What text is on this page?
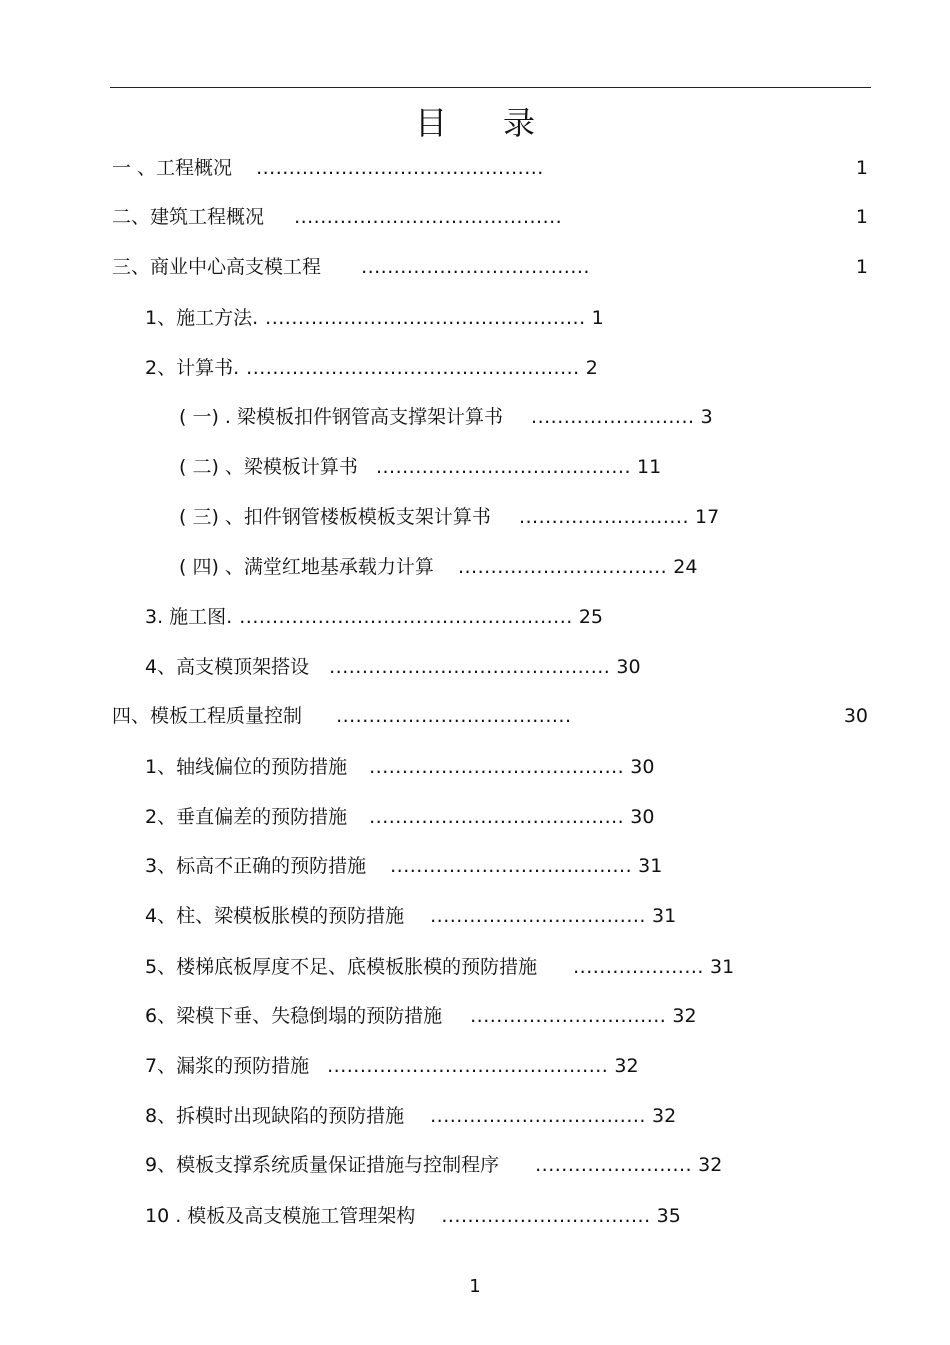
目 录
一 、工程概况 ............................................	1
二、建筑工程概况 .........................................	1
三、商业中心高支模工程 ...................................	1
1、施工方法. ................................................. 1
2、计算书. ................................................... 2
( 一) . 梁模板扣件钢管高支撑架计算书 ......................... 3
( 二) 、梁模板计算书 ....................................... 11
( 三) 、扣件钢管楼板模板支架计算书 .......................... 17
( 四) 、满堂红地基承载力计算 ................................ 24
3. 施工图. ................................................... 25
4、高支模顶架搭设 ........................................... 30
四、模板工程质量控制 ....................................	30
1、轴线偏位的预防措施 ....................................... 30
2、垂直偏差的预防措施 ....................................... 30
3、标高不正确的预防措施 ..................................... 31
4、柱、梁模板胀模的预防措施 ................................. 31
5、楼梯底板厚度不足、底模板胀模的预防措施 .................... 31
6、梁模下垂、失稳倒塌的预防措施 .............................. 32
7、漏浆的预防措施 ........................................... 32
8、拆模时出现缺陷的预防措施 ................................. 32
9、模板支撑系统质量保证措施与控制程序 ........................ 32
10 . 模板及高支模施工管理架构 ................................ 35
1
